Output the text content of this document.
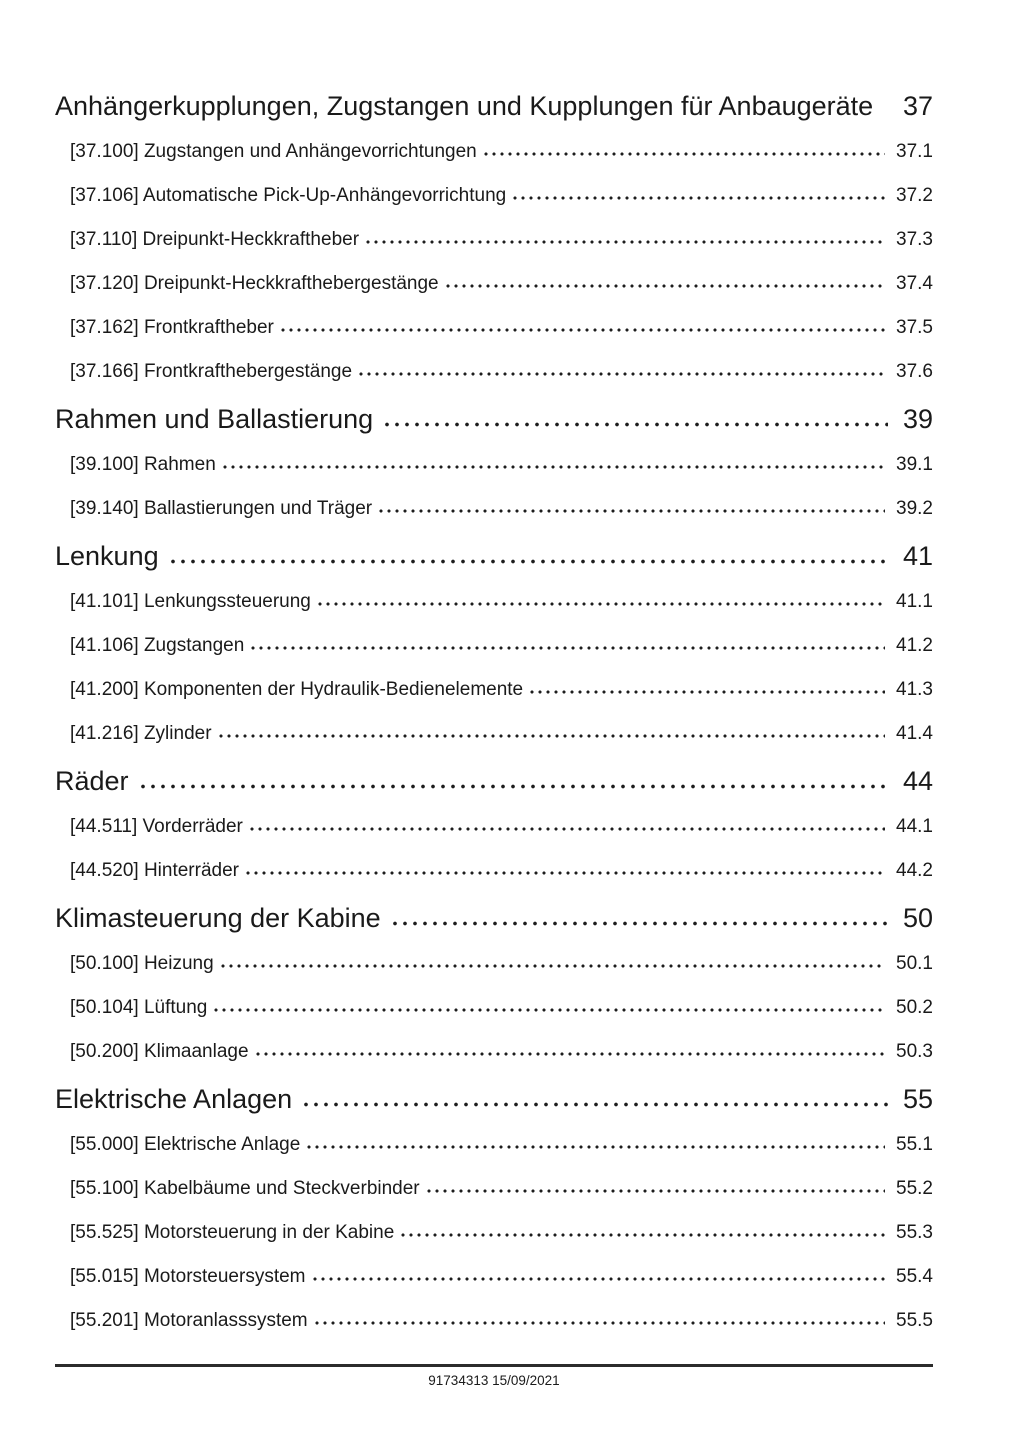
Anhängerkupplungen, Zugstangen und Kupplungen für Anbaugeräte 37
[37.100] Zugstangen und Anhängevorrichtungen	37.1
[37.106] Automatische Pick-Up-Anhängevorrichtung	37.2
[37.110] Dreipunkt-Heckkraftheber	37.3
[37.120] Dreipunkt-Heckkrafthebergestänge	37.4
[37.162] Frontkraftheber	37.5
[37.166] Frontkrafthebergestänge	37.6
Rahmen und Ballastierung	39
[39.100] Rahmen	39.1
[39.140] Ballastierungen und Träger	39.2
Lenkung	41
[41.101] Lenkungssteuerung	41.1
[41.106] Zugstangen	41.2
[41.200] Komponenten der Hydraulik-Bedienelemente	41.3
[41.216] Zylinder	41.4
Räder	44
[44.511] Vorderräder	44.1
[44.520] Hinterräder	44.2
Klimasteuerung der Kabine	50
[50.100] Heizung	50.1
[50.104] Lüftung	50.2
[50.200] Klimaanlage	50.3
Elektrische Anlagen	55
[55.000] Elektrische Anlage	55.1
[55.100] Kabelbäume und Steckverbinder	55.2
[55.525] Motorsteuerung in der Kabine	55.3
[55.015] Motorsteuersystem	55.4
[55.201] Motoranlasssystem	55.5
91734313 15/09/2021
